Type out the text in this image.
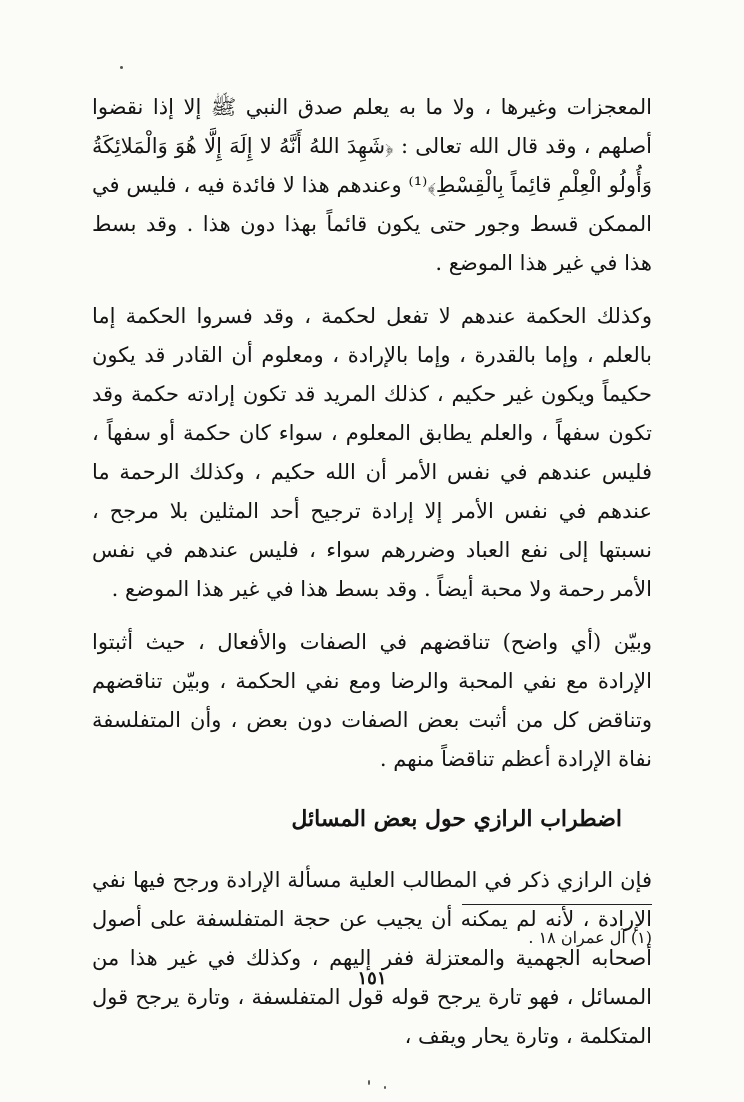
المعجزات وغيرها ، ولا ما به يعلم صدق النبي ﷺ إلا إذا نقضوا أصلهم ، وقد قال الله تعالى : ﴿شَهِدَ اللهُ أَنَّهُ لا إِلَهَ إِلَّا هُوَ وَالْمَلائِكَةُ وَأُولُو الْعِلْمِ قائِماً بِالْقِسْطِ﴾⁽¹⁾ وعندهم هذا لا فائدة فيه ، فليس في الممكن قسط وجور حتى يكون قائماً بهذا دون هذا . وقد بسط هذا في غير هذا الموضع .

وكذلك الحكمة عندهم لا تفعل لحكمة ، وقد فسروا الحكمة إما بالعلم ، وإما بالقدرة ، وإما بالإرادة ، ومعلوم أن القادر قد يكون حكيماً ويكون غير حكيم ، كذلك المريد قد تكون إرادته حكمة وقد تكون سفهاً ، والعلم يطابق المعلوم ، سواء كان حكمة أو سفهاً ، فليس عندهم في نفس الأمر أن الله حكيم ، وكذلك الرحمة ما عندهم في نفس الأمر إلا إرادة ترجيح أحد المثلين بلا مرجح ، نسبتها إلى نفع العباد وضررهم سواء ، فليس عندهم في نفس الأمر رحمة ولا محبة أيضاً . وقد بسط هذا في غير هذا الموضع .

وبيّن (أي واضح) تناقضهم في الصفات والأفعال ، حيث أثبتوا الإرادة مع نفي المحبة والرضا ومع نفي الحكمة ، وبيّن تناقضهم وتناقض كل من أثبت بعض الصفات دون بعض ، وأن المتفلسفة نفاة الإرادة أعظم تناقضاً منهم .

اضطراب الرازي حول بعض المسائل

فإن الرازي ذكر في المطالب العلية مسألة الإرادة ورجح فيها نفي الإرادة ، لأنه لم يمكنه أن يجيب عن حجة المتفلسفة على أصول أصحابه الجهمية والمعتزلة ففر إليهم ، وكذلك في غير هذا من المسائل ، فهو تارة يرجح قوله قول المتفلسفة ، وتارة يرجح قول المتكلمة ، وتارة يحار ويقف ،

(١) آل عمران ١٨ .
١٥١
